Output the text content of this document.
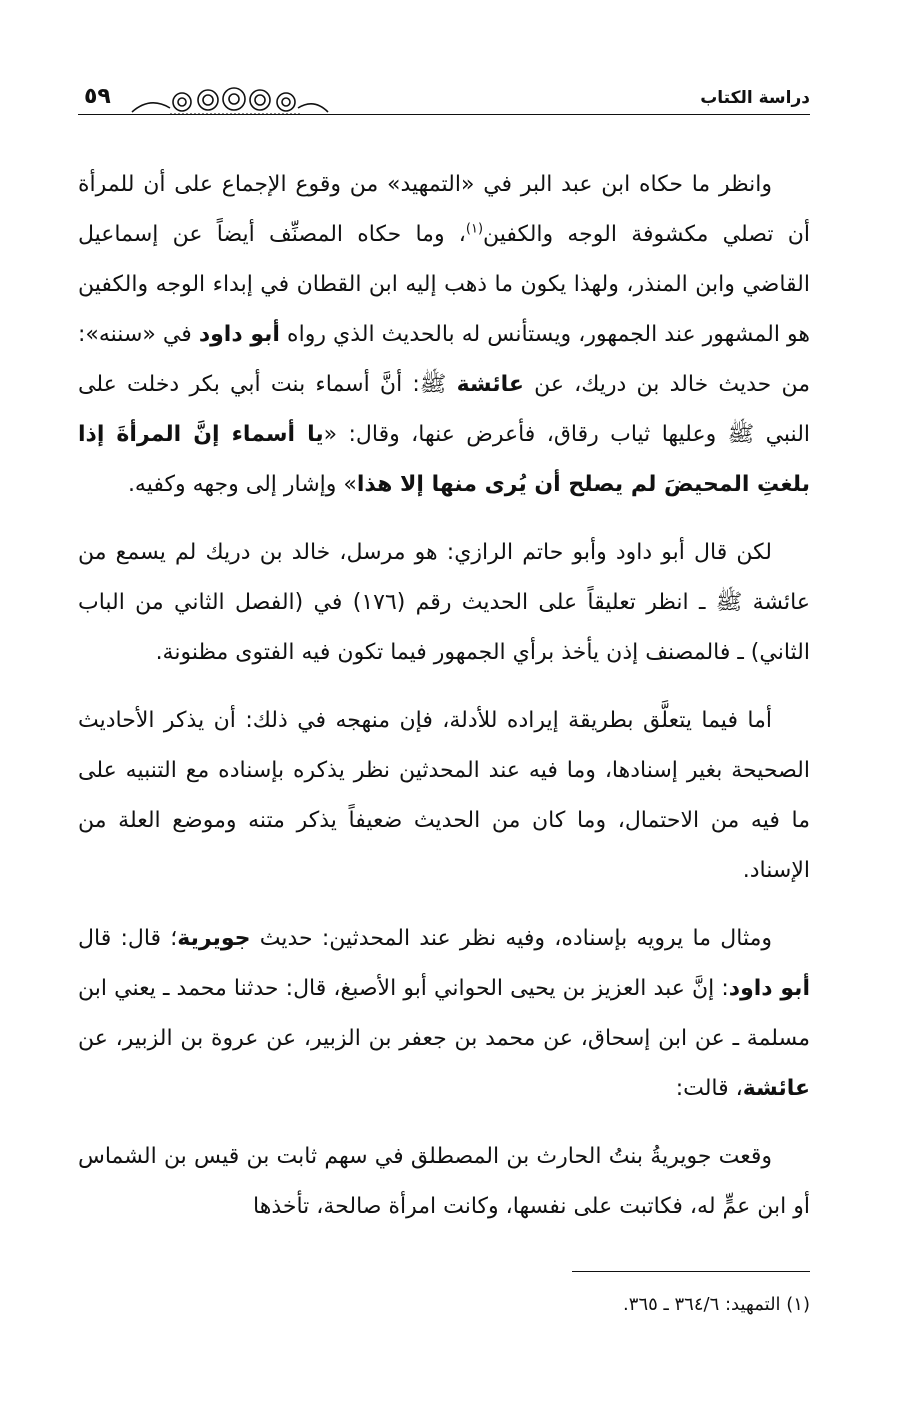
دراسة الكتاب
٥٩

وانظر ما حكاه ابن عبد البر في «التمهيد» من وقوع الإجماع على أن للمرأة أن تصلي مكشوفة الوجه والكفين$^{(١)}$، وما حكاه المصنِّف أيضاً عن إسماعيل القاضي وابن المنذر، ولهذا يكون ما ذهب إليه ابن القطان في إبداء الوجه والكفين هو المشهور عند الجمهور، ويستأنس له بالحديث الذي رواه أبو داود في «سننه»: من حديث خالد بن دريك، عن عائشة ﷺ: أنَّ أسماء بنت أبي بكر دخلت على النبي ﷺ وعليها ثياب رقاق، فأعرض عنها، وقال: «يا أسماء إنَّ المرأةَ إذا بلغتِ المحيضَ لم يصلح أن يُرى منها إلا هذا» وإشار إلى وجهه وكفيه.

لكن قال أبو داود وأبو حاتم الرازي: هو مرسل، خالد بن دريك لم يسمع من عائشة ﷺ ـ انظر تعليقاً على الحديث رقم (١٧٦) في (الفصل الثاني من الباب الثاني) ـ فالمصنف إذن يأخذ برأي الجمهور فيما تكون فيه الفتوى مظنونة.

أما فيما يتعلَّق بطريقة إيراده للأدلة، فإن منهجه في ذلك: أن يذكر الأحاديث الصحيحة بغير إسنادها، وما فيه عند المحدثين نظر يذكره بإسناده مع التنبيه على ما فيه من الاحتمال، وما كان من الحديث ضعيفاً يذكر متنه وموضع العلة من الإسناد.

ومثال ما يرويه بإسناده، وفيه نظر عند المحدثين: حديث جويرية؛ قال: قال أبو داود: إنَّ عبد العزيز بن يحيى الحواني أبو الأصبغ، قال: حدثنا محمد ـ يعني ابن مسلمة ـ عن ابن إسحاق، عن محمد بن جعفر بن الزبير، عن عروة بن الزبير، عن عائشة، قالت:

وقعت جويريةُ بنتُ الحارث بن المصطلق في سهم ثابت بن قيس بن الشماس أو ابن عمٍّ له، فكاتبت على نفسها، وكانت امرأة صالحة، تأخذها

(١) التمهيد: ٣٦٤/٦ ـ ٣٦٥.
